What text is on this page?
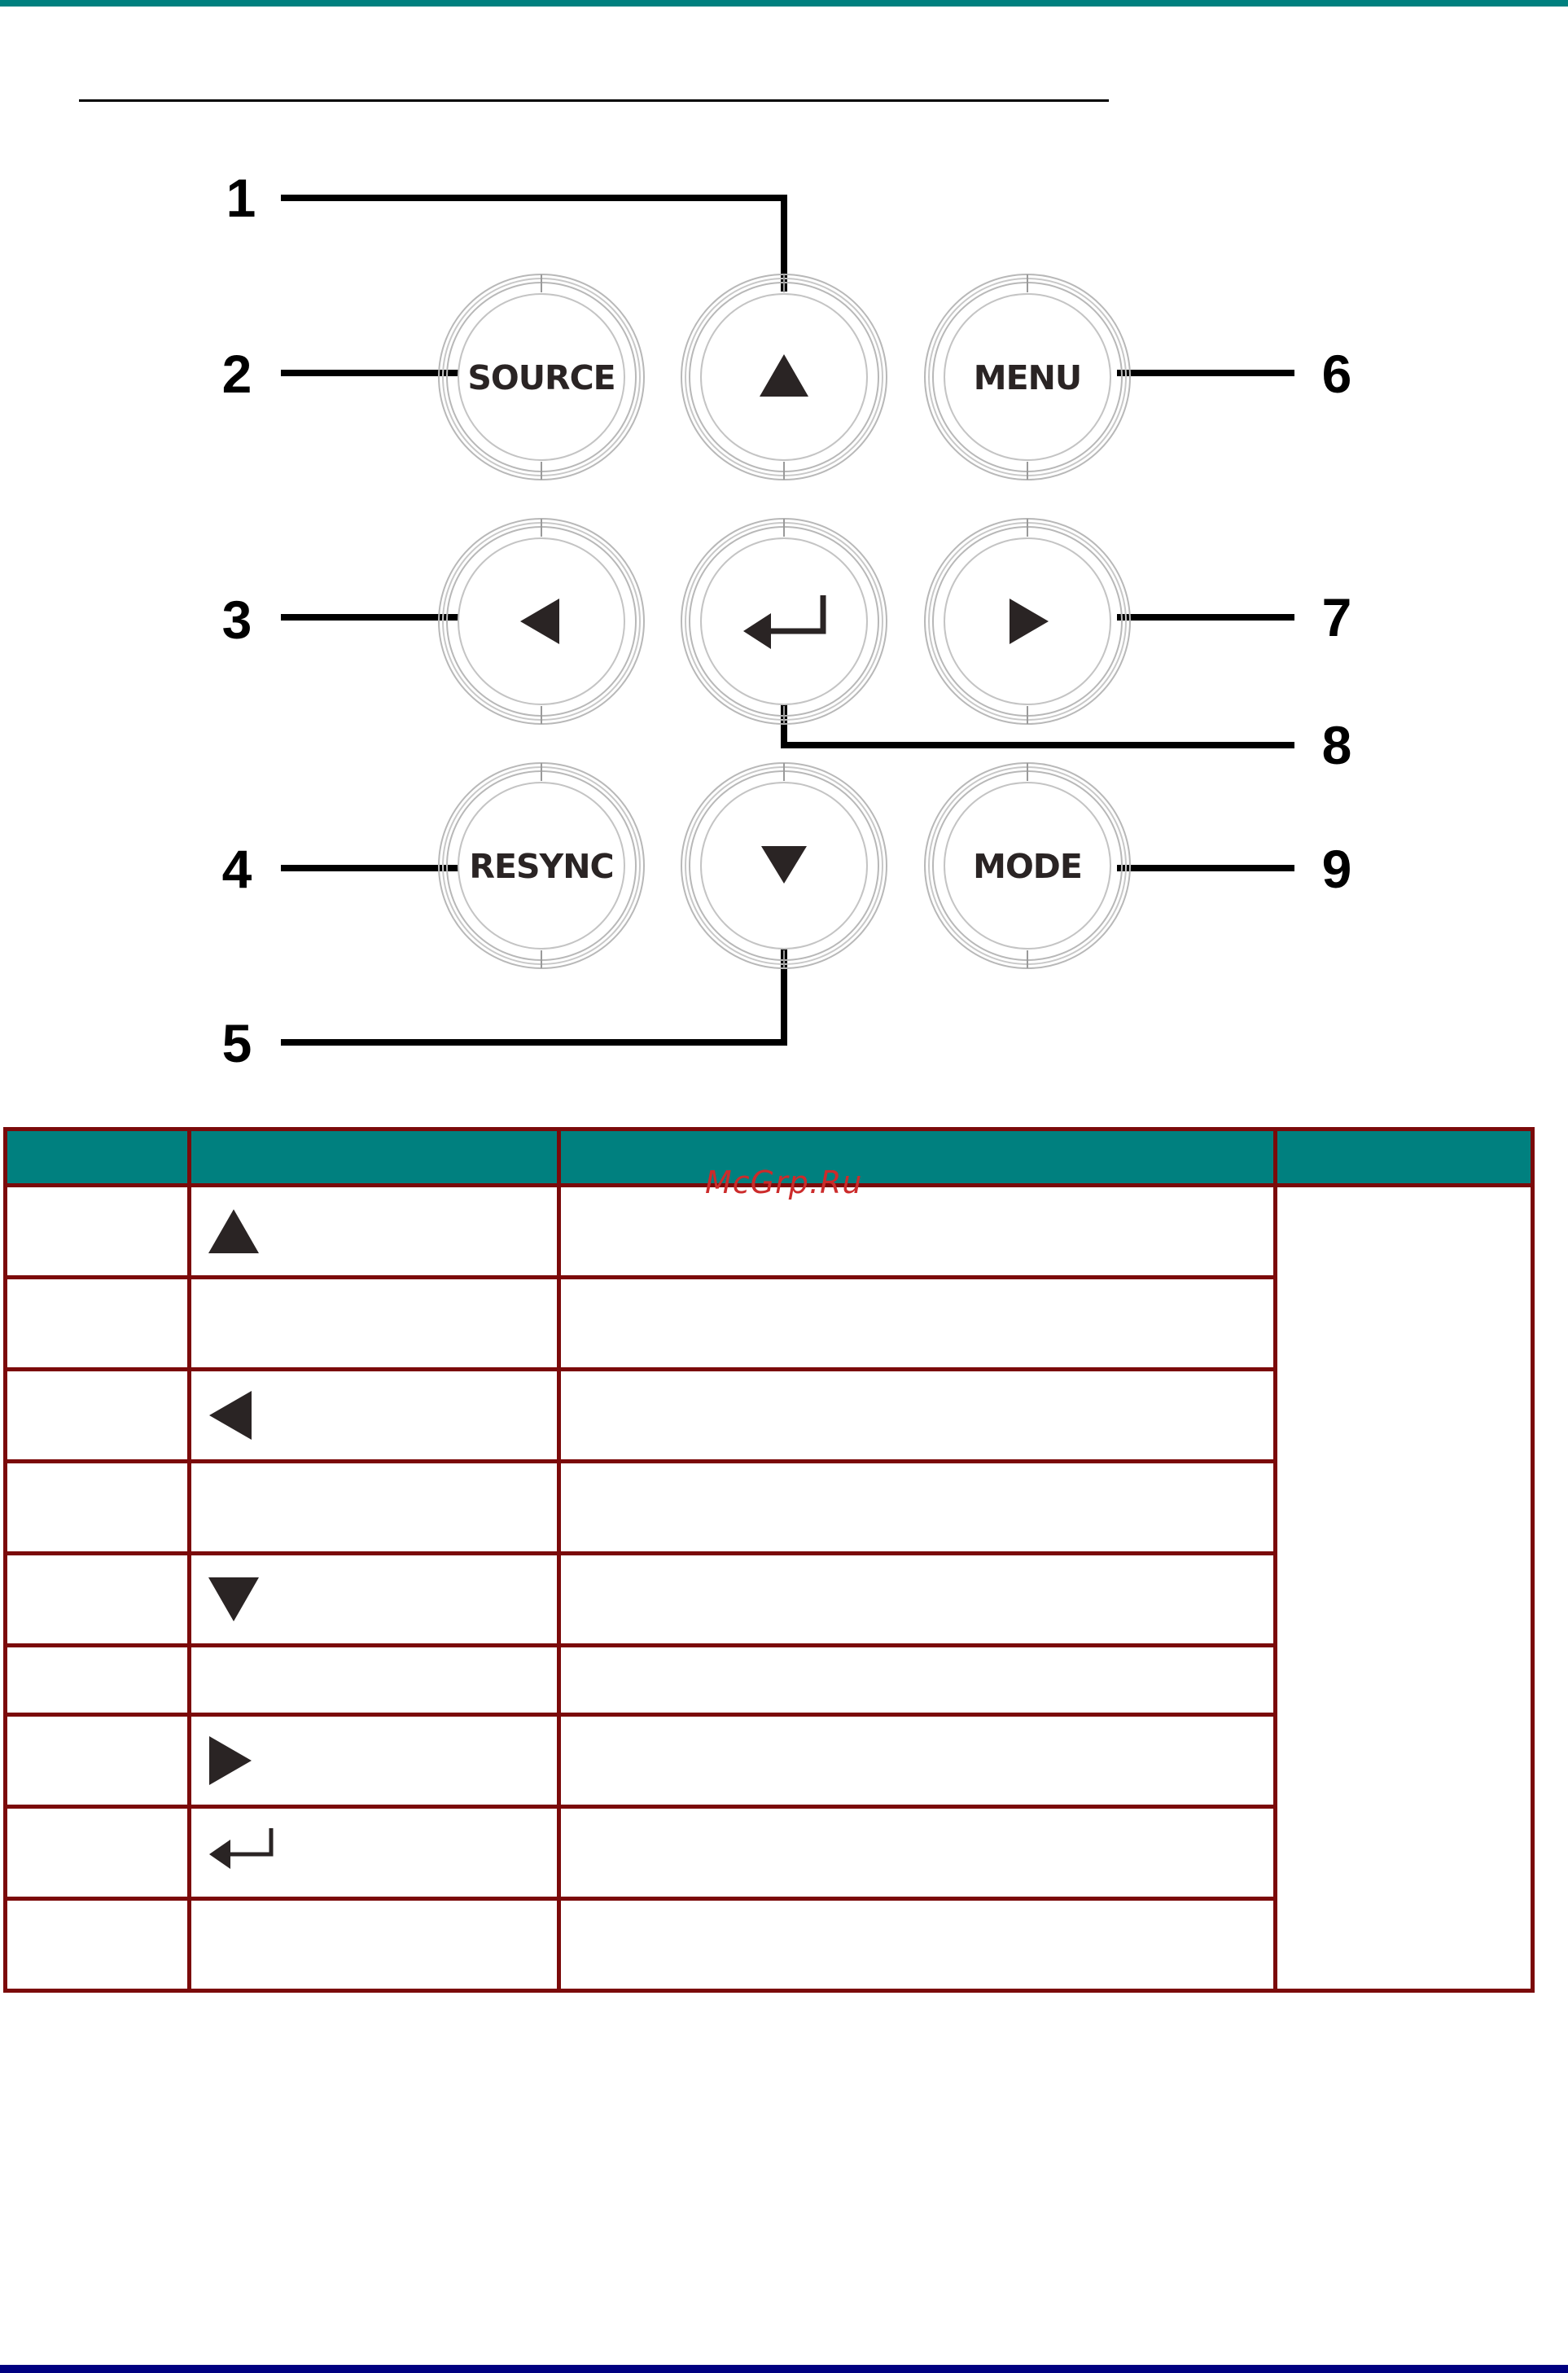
SOURCE	MENU
RESYNC	MODE
1
2
3
4
5
6
7
8
9

McGrp.Ru
